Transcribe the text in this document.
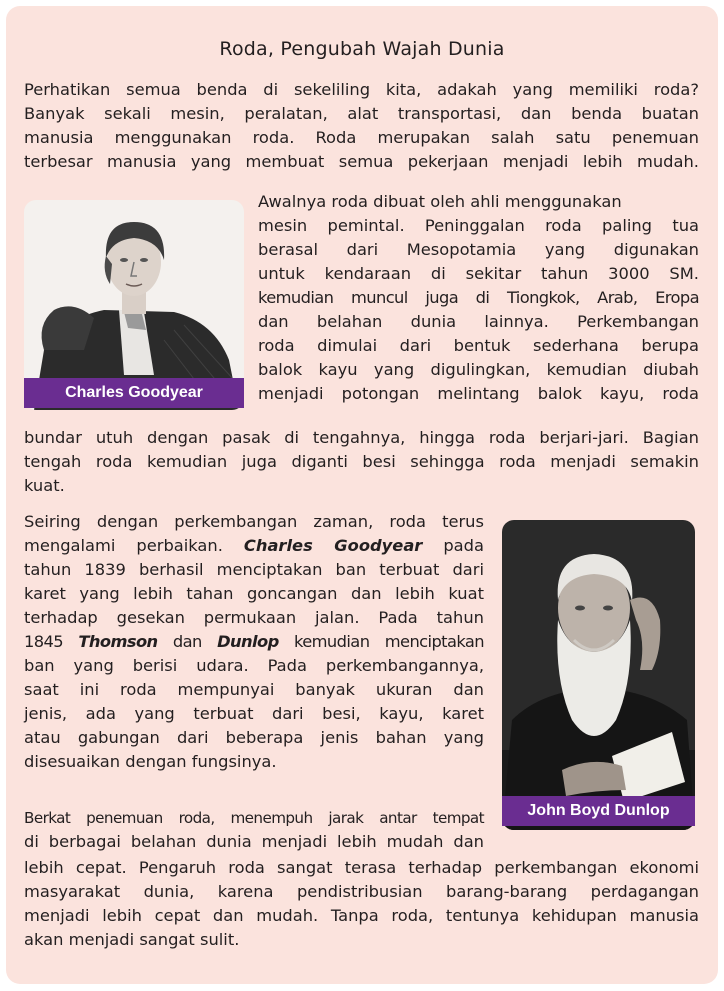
Roda, Pengubah Wajah Dunia
Perhatikan semua benda di sekeliling kita, adakah yang memiliki roda?
Banyak sekali mesin, peralatan, alat transportasi, dan benda buatan
manusia menggunakan roda. Roda merupakan salah satu penemuan
terbesar manusia yang membuat semua pekerjaan menjadi lebih mudah.
Charles Goodyear
Awalnya roda dibuat oleh ahli menggunakan
mesin pemintal. Peninggalan roda paling tua
berasal dari Mesopotamia yang digunakan
untuk kendaraan di sekitar tahun 3000 SM.
kemudian muncul juga di Tiongkok, Arab, Eropa
dan belahan dunia lainnya. Perkembangan
roda dimulai dari bentuk sederhana berupa
balok kayu yang digulingkan, kemudian diubah
menjadi potongan melintang balok kayu, roda
bundar utuh dengan pasak di tengahnya, hingga roda berjari-jari. Bagian
tengah roda kemudian juga diganti besi sehingga roda menjadi semakin
kuat.
John Boyd Dunlop
Seiring dengan perkembangan zaman, roda terus
mengalami perbaikan. Charles Goodyear pada
tahun 1839 berhasil menciptakan ban terbuat dari
karet yang lebih tahan goncangan dan lebih kuat
terhadap gesekan permukaan jalan. Pada tahun
1845 Thomson dan Dunlop kemudian menciptakan
ban yang berisi udara. Pada perkembangannya,
saat ini roda mempunyai banyak ukuran dan
jenis, ada yang terbuat dari besi, kayu, karet
atau gabungan dari beberapa jenis bahan yang
disesuaikan dengan fungsinya.
Berkat penemuan roda, menempuh jarak antar tempat
di berbagai belahan dunia menjadi lebih mudah dan
lebih cepat. Pengaruh roda sangat terasa terhadap perkembangan ekonomi
masyarakat dunia, karena pendistribusian barang-barang perdagangan
menjadi lebih cepat dan mudah. Tanpa roda, tentunya kehidupan manusia
akan menjadi sangat sulit.
